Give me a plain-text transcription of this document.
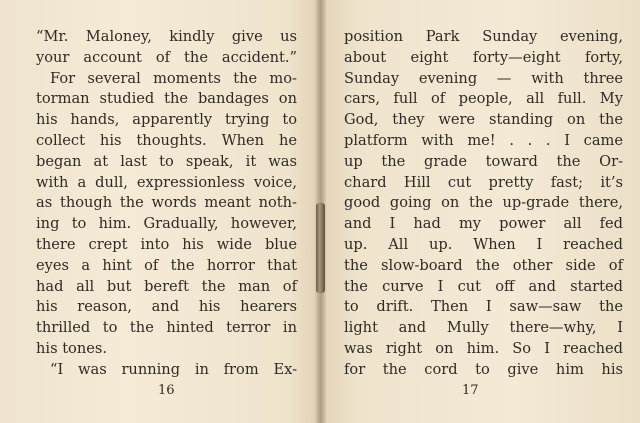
“Mr. Maloney, kindly give us
your account of the accident.”
For several moments the mo-
torman studied the bandages on
his hands, apparently trying to
collect his thoughts. When he
began at last to speak, it was
with a dull, expressionless voice,
as though the words meant noth-
ing to him. Gradually, however,
there crept into his wide blue
eyes a hint of the horror that
had all but bereft the man of
his reason, and his hearers
thrilled to the hinted terror in
his tones.
“I was running in from Ex-
16
position Park Sunday evening,
about eight forty—eight forty,
Sunday evening — with three
cars, full of people, all full. My
God, they were standing on the
platform with me! . . . I came
up the grade toward the Or-
chard Hill cut pretty fast; it’s
good going on the up-grade there,
and I had my power all fed
up. All up. When I reached
the slow-board the other side of
the curve I cut off and started
to drift. Then I saw—saw the
light and Mully there—why, I
was right on him. So I reached
for the cord to give him his
17
